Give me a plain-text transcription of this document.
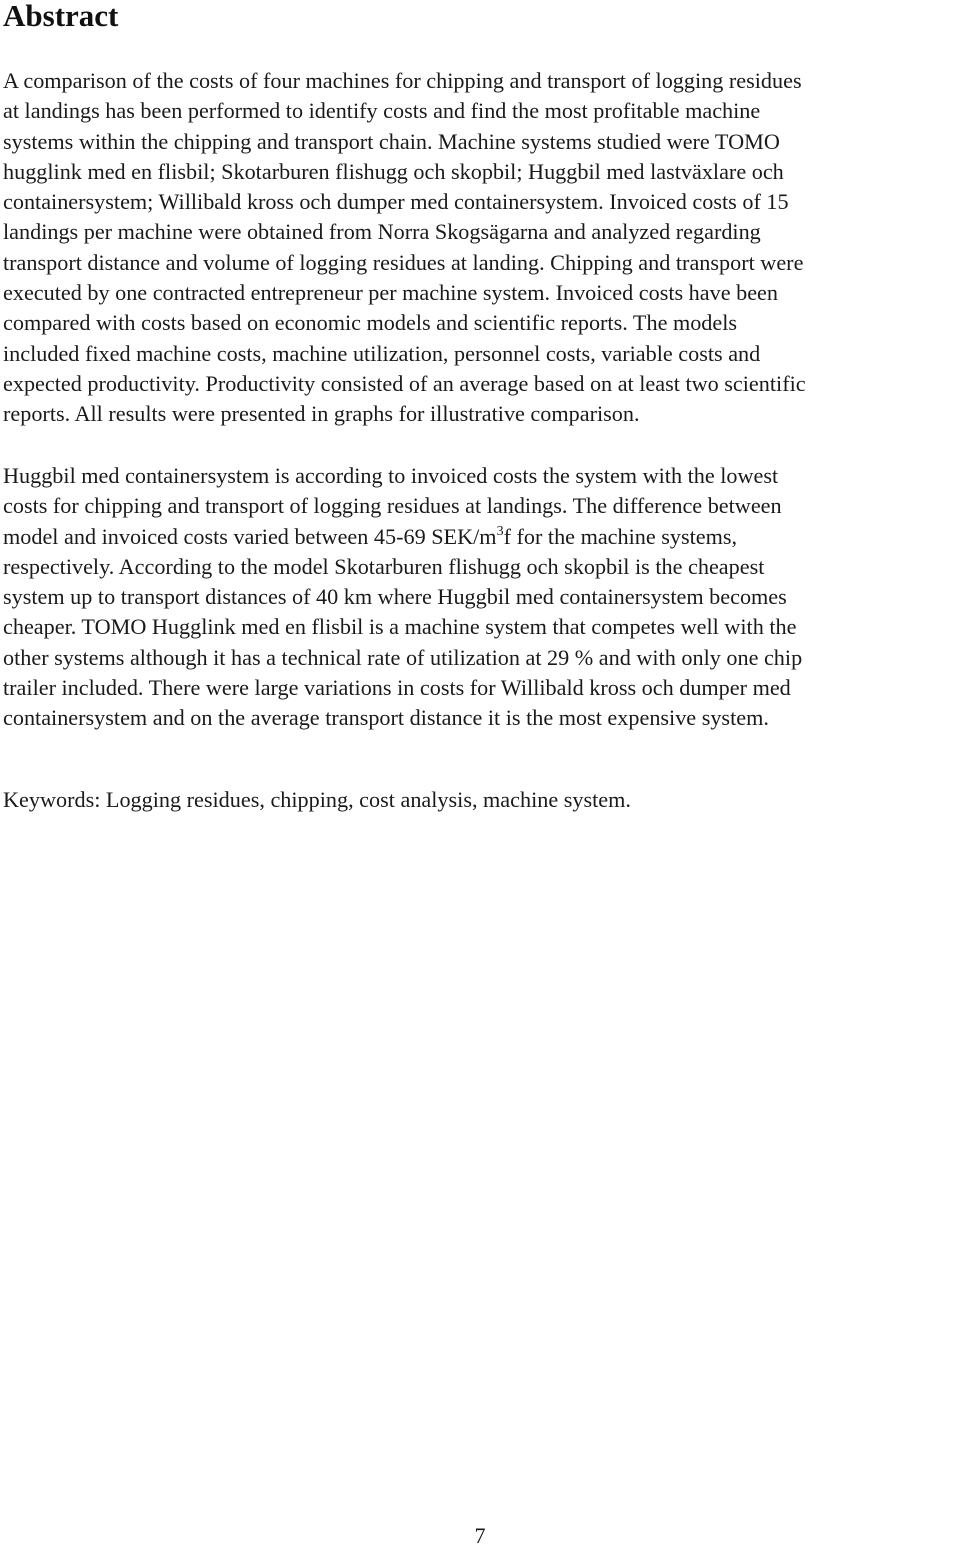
Abstract

A comparison of the costs of four machines for chipping and transport of logging residues
at landings has been performed to identify costs and find the most profitable machine
systems within the chipping and transport chain. Machine systems studied were TOMO
hugglink med en flisbil; Skotarburen flishugg och skopbil; Huggbil med lastväxlare och
containersystem; Willibald kross och dumper med containersystem. Invoiced costs of 15
landings per machine were obtained from Norra Skogsägarna and analyzed regarding
transport distance and volume of logging residues at landing. Chipping and transport were
executed by one contracted entrepreneur per machine system. Invoiced costs have been
compared with costs based on economic models and scientific reports. The models
included fixed machine costs, machine utilization, personnel costs, variable costs and
expected productivity. Productivity consisted of an average based on at least two scientific
reports. All results were presented in graphs for illustrative comparison.

Huggbil med containersystem is according to invoiced costs the system with the lowest
costs for chipping and transport of logging residues at landings. The difference between
model and invoiced costs varied between 45-69 SEK/$m^3f$ for the machine systems,
respectively. According to the model Skotarburen flishugg och skopbil is the cheapest
system up to transport distances of 40 km where Huggbil med containersystem becomes
cheaper. TOMO Hugglink med en flisbil is a machine system that competes well with the
other systems although it has a technical rate of utilization at 29 % and with only one chip
trailer included. There were large variations in costs for Willibald kross och dumper med
containersystem and on the average transport distance it is the most expensive system.

Keywords: Logging residues, chipping, cost analysis, machine system.

7
